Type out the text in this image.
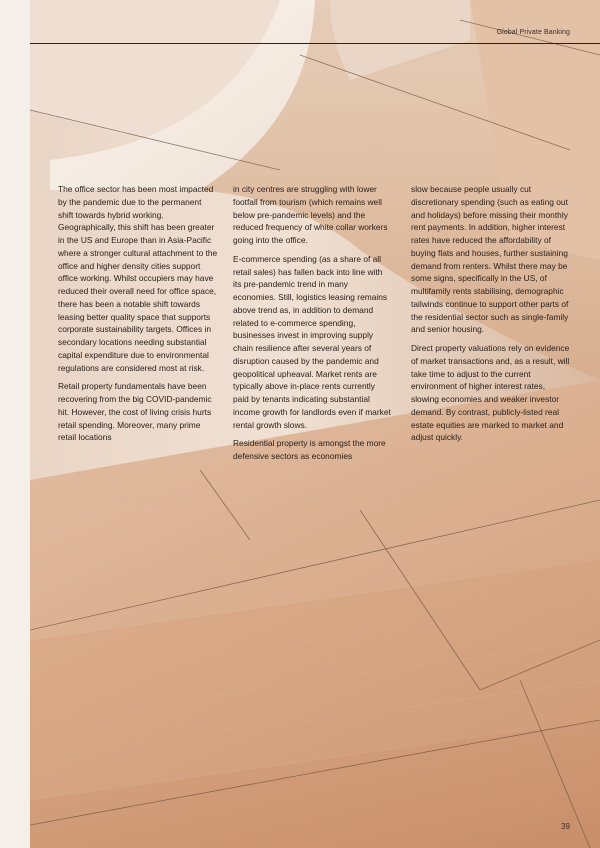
Global Private Banking

The office sector has been most impacted by the pandemic due to the permanent shift towards hybrid working. Geographically, this shift has been greater in the US and Europe than in Asia-Pacific where a stronger cultural attachment to the office and higher density cities support office working. Whilst occupiers may have reduced their overall need for office space, there has been a notable shift towards leasing better quality space that supports corporate sustainability targets. Offices in secondary locations needing substantial capital expenditure due to environmental regulations are considered most at risk.

Retail property fundamentals have been recovering from the big COVID-pandemic hit. However, the cost of living crisis hurts retail spending. Moreover, many prime retail locations

in city centres are struggling with lower footfall from tourism (which remains well below pre-pandemic levels) and the reduced frequency of white collar workers going into the office.

E-commerce spending (as a share of all retail sales) has fallen back into line with its pre-pandemic trend in many economies. Still, logistics leasing remains above trend as, in addition to demand related to e-commerce spending, businesses invest in improving supply chain resilience after several years of disruption caused by the pandemic and geopolitical upheaval. Market rents are typically above in-place rents currently paid by tenants indicating substantial income growth for landlords even if market rental growth slows.

Residential property is amongst the more defensive sectors as economies

slow because people usually cut discretionary spending (such as eating out and holidays) before missing their monthly rent payments. In addition, higher interest rates have reduced the affordability of buying flats and houses, further sustaining demand from renters. Whilst there may be some signs, specifically in the US, of multifamily rents stabilising, demographic tailwinds continue to support other parts of the residential sector such as single-family and senior housing.

Direct property valuations rely on evidence of market transactions and, as a result, will take time to adjust to the current environment of higher interest rates, slowing economies and weaker investor demand. By contrast, publicly-listed real estate equities are marked to market and adjust quickly.

39
